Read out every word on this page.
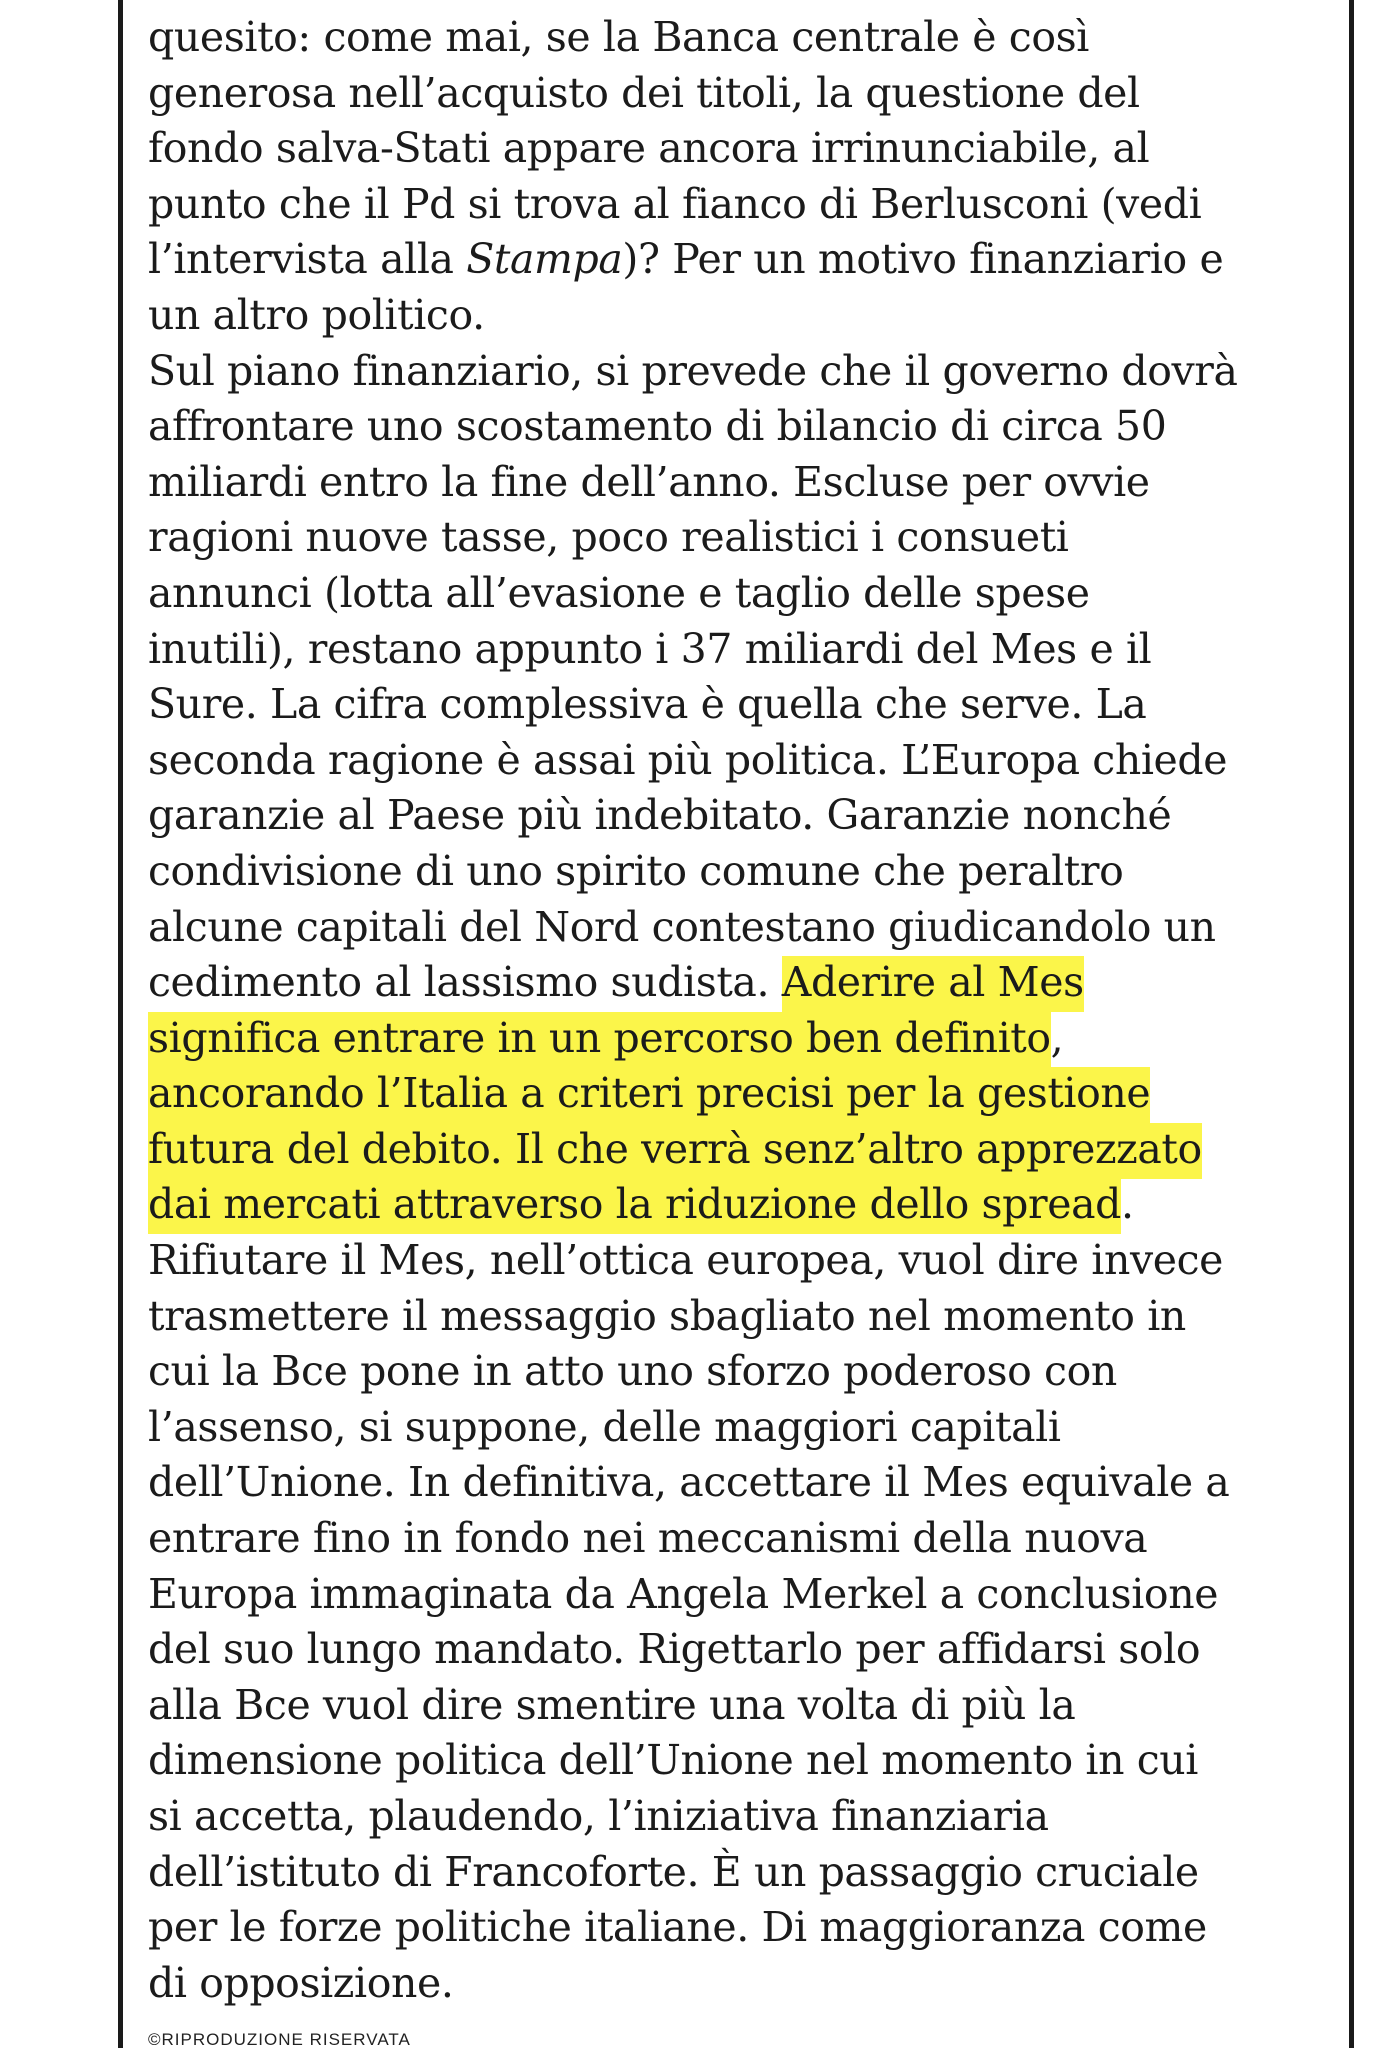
quesito: come mai, se la Banca centrale è così
generosa nell’acquisto dei titoli, la questione del
fondo salva-Stati appare ancora irrinunciabile, al
punto che il Pd si trova al fianco di Berlusconi (vedi
l’intervista alla Stampa)? Per un motivo finanziario e
un altro politico.
Sul piano finanziario, si prevede che il governo dovrà
affrontare uno scostamento di bilancio di circa 50
miliardi entro la fine dell’anno. Escluse per ovvie
ragioni nuove tasse, poco realistici i consueti
annunci (lotta all’evasione e taglio delle spese
inutili), restano appunto i 37 miliardi del Mes e il
Sure. La cifra complessiva è quella che serve. La
seconda ragione è assai più politica. L’Europa chiede
garanzie al Paese più indebitato. Garanzie nonché
condivisione di uno spirito comune che peraltro
alcune capitali del Nord contestano giudicandolo un
cedimento al lassismo sudista. Aderire al Mes
significa entrare in un percorso ben definito,
ancorando l’Italia a criteri precisi per la gestione
futura del debito. Il che verrà senz’altro apprezzato
dai mercati attraverso la riduzione dello spread.
Rifiutare il Mes, nell’ottica europea, vuol dire invece
trasmettere il messaggio sbagliato nel momento in
cui la Bce pone in atto uno sforzo poderoso con
l’assenso, si suppone, delle maggiori capitali
dell’Unione. In definitiva, accettare il Mes equivale a
entrare fino in fondo nei meccanismi della nuova
Europa immaginata da Angela Merkel a conclusione
del suo lungo mandato. Rigettarlo per affidarsi solo
alla Bce vuol dire smentire una volta di più la
dimensione politica dell’Unione nel momento in cui
si accetta, plaudendo, l’iniziativa finanziaria
dell’istituto di Francoforte. È un passaggio cruciale
per le forze politiche italiane. Di maggioranza come
di opposizione.
©RIPRODUZIONE RISERVATA
